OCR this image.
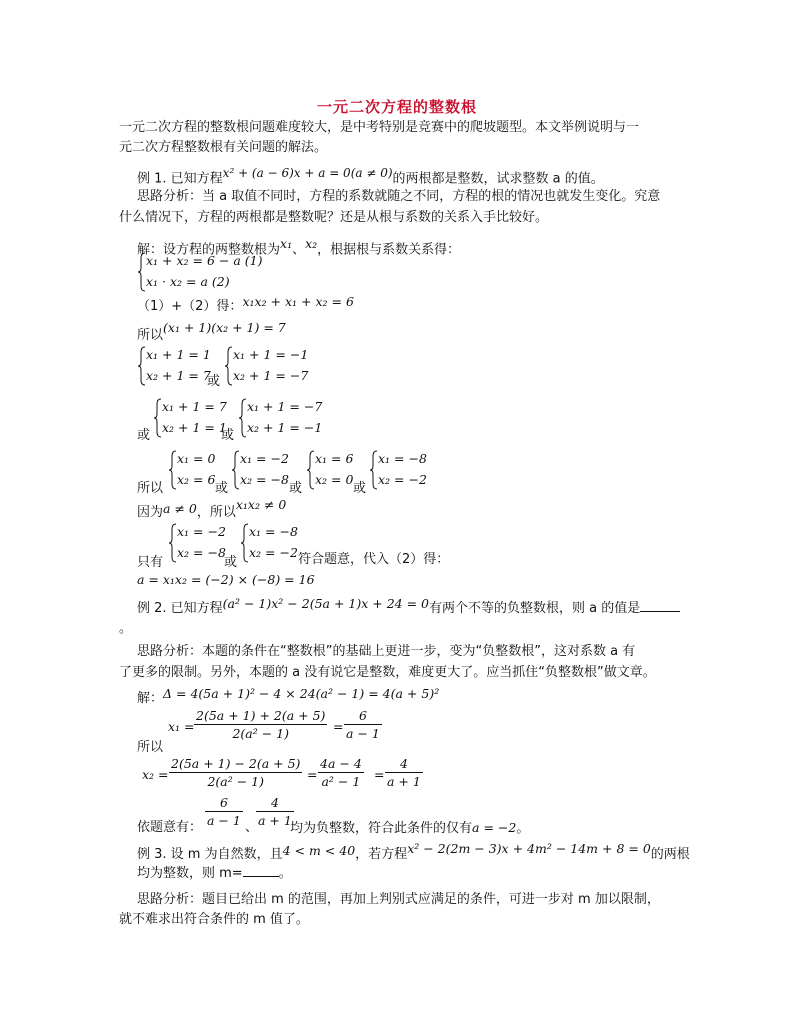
一元二次方程的整数根
一元二次方程的整数根问题难度较大，是中考特别是竞赛中的爬坡题型。本文举例说明与一
元二次方程整数根有关问题的解法。
例 1. 已知方程$^{x^2 + (a - 6)x + a = 0(a \ne 0)}$的两根都是整数，试求整数 a 的值。
思路分析：当 a 取值不同时，方程的系数就随之不同，方程的根的情况也就发生变化。究意
什么情况下，方程的两根都是整数呢？还是从根与系数的关系入手比较好。
解：设方程的两整数根为$^{x_1}$、$^{x_2}$，根据根与系数关系得：
x₁ + x₂ = 6 − a (1)
x₁ · x₂ = a (2)
（1）+（2）得：x₁x₂ + x₁ + x₂ = 6
所以(x₁ + 1)(x₂ + 1) = 7
x₁ + 1 = 1
x₂ + 1 = 7
或
x₁ + 1 = −1
x₂ + 1 = −7
或
x₁ + 1 = 7
x₂ + 1 = 1
或
x₁ + 1 = −7
x₂ + 1 = −1
所以
x₁ = 0
x₂ = 6
或
x₁ = −2
x₂ = −8
或
x₁ = 6
x₂ = 0
或
x₁ = −8
x₂ = −2
因为a ≠ 0，所以x₁x₂ ≠ 0
只有
x₁ = −2
x₂ = −8
或
x₁ = −8
x₂ = −2 符合题意，代入（2）得：
a = x₁x₂ = (−2) × (−8) = 16
例 2. 已知方程(a² − 1)x² − 2(5a + 1)x + 24 = 0有两个不等的负整数根，则 a 的值是
。
思路分析：本题的条件在“整数根”的基础上更进一步，变为“负整数根”，这对系数 a 有
了更多的限制。另外，本题的 a 没有说它是整数，难度更大了。应当抓住“负整数根”做文章。
解：Δ = 4(5a + 1)² − 4 × 24(a² − 1) = 4(a + 5)²
$x_1 = \frac{2(5a + 1) + 2(a + 5)}{\text{2(a² − 1)}} = \frac{6}{a - 1}$
所以
$x_2 = \frac{2(5a + 1) - 2(a + 5)}{\text{2(a² − 1)}} = \frac{4a - 4}{\text{a² − 1}} = \frac{4}{a + 1}$
依题意有： $\frac{6}{a - 1}$ 、
$\frac{4}{a + 1}$
均为负整数，符合此条件的仅有a = −2。
例 3. 设 m 为自然数，且4 < m < 40，若方程x² − 2(2m − 3)x + 4m² − 14m + 8 = 0的两根
均为整数，则 m=	。
思路分析：题目已给出 m 的范围，再加上判别式应满足的条件，可进一步对 m 加以限制，
就不难求出符合条件的 m 值了。
